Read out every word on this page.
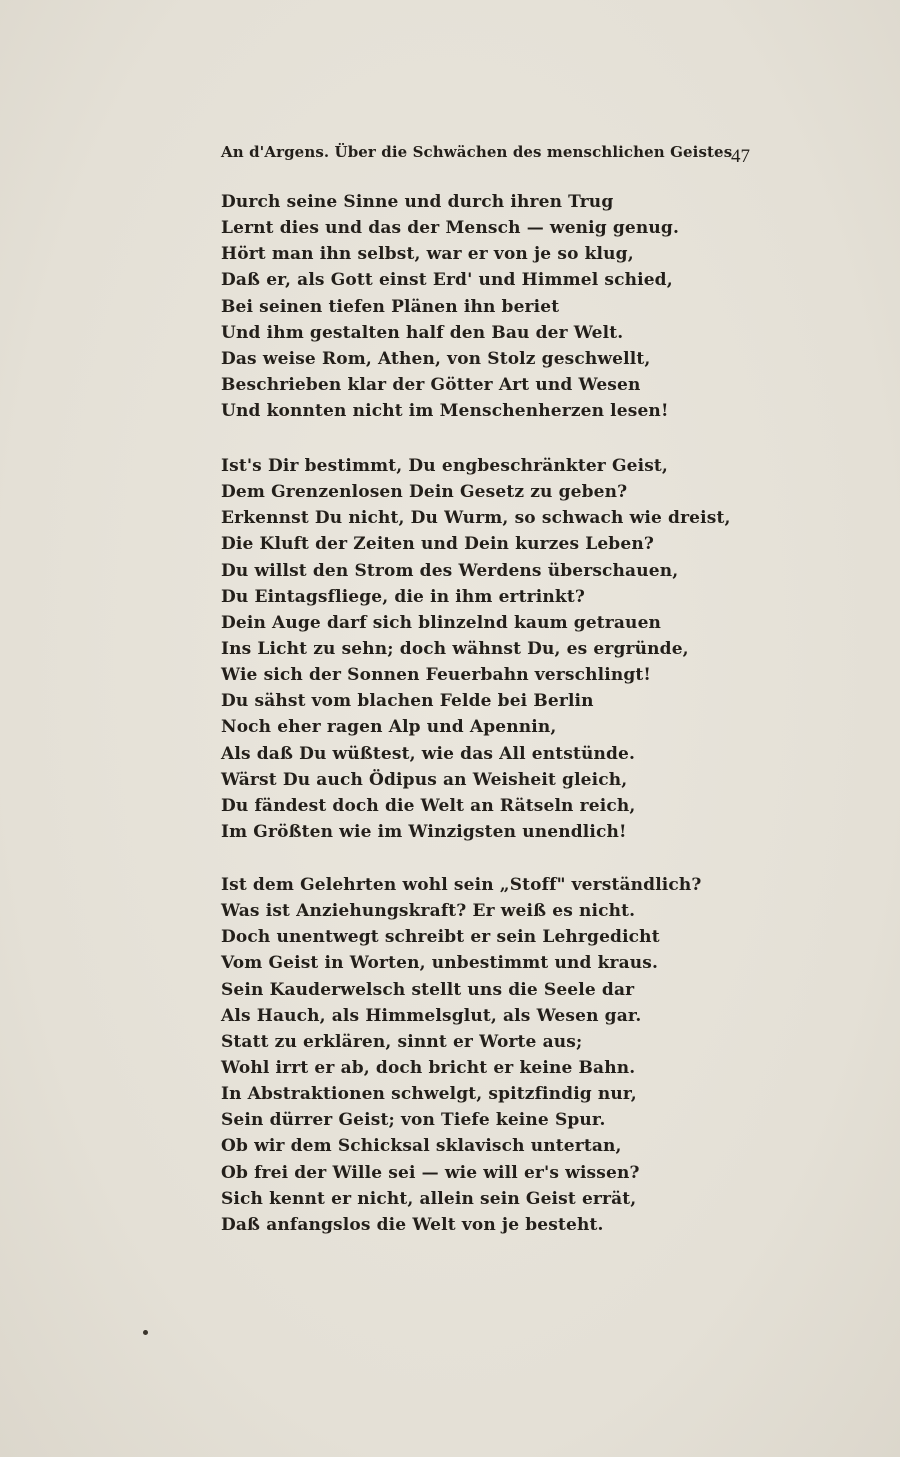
An d'Argens. Über die Schwächen des menschlichen Geistes
47
Durch seine Sinne und durch ihren Trug
Lernt dies und das der Mensch — wenig genug.
Hört man ihn selbst, war er von je so klug,
Daß er, als Gott einst Erd' und Himmel schied,
Bei seinen tiefen Plänen ihn beriet
Und ihm gestalten half den Bau der Welt.
Das weise Rom, Athen, von Stolz geschwellt,
Beschrieben klar der Götter Art und Wesen
Und konnten nicht im Menschenherzen lesen!
Ist's Dir bestimmt, Du engbeschränkter Geist,
Dem Grenzenlosen Dein Gesetz zu geben?
Erkennst Du nicht, Du Wurm, so schwach wie dreist,
Die Kluft der Zeiten und Dein kurzes Leben?
Du willst den Strom des Werdens überschauen,
Du Eintagsfliege, die in ihm ertrinkt?
Dein Auge darf sich blinzelnd kaum getrauen
Ins Licht zu sehn; doch wähnst Du, es ergründe,
Wie sich der Sonnen Feuerbahn verschlingt!
Du sähst vom blachen Felde bei Berlin
Noch eher ragen Alp und Apennin,
Als daß Du wüßtest, wie das All entstünde.
Wärst Du auch Ödipus an Weisheit gleich,
Du fändest doch die Welt an Rätseln reich,
Im Größten wie im Winzigsten unendlich!
Ist dem Gelehrten wohl sein „Stoff" verständlich?
Was ist Anziehungskraft? Er weiß es nicht.
Doch unentwegt schreibt er sein Lehrgedicht
Vom Geist in Worten, unbestimmt und kraus.
Sein Kauderwelsch stellt uns die Seele dar
Als Hauch, als Himmelsglut, als Wesen gar.
Statt zu erklären, sinnt er Worte aus;
Wohl irrt er ab, doch bricht er keine Bahn.
In Abstraktionen schwelgt, spitzfindig nur,
Sein dürrer Geist; von Tiefe keine Spur.
Ob wir dem Schicksal sklavisch untertan,
Ob frei der Wille sei — wie will er's wissen?
Sich kennt er nicht, allein sein Geist errät,
Daß anfangslos die Welt von je besteht.
